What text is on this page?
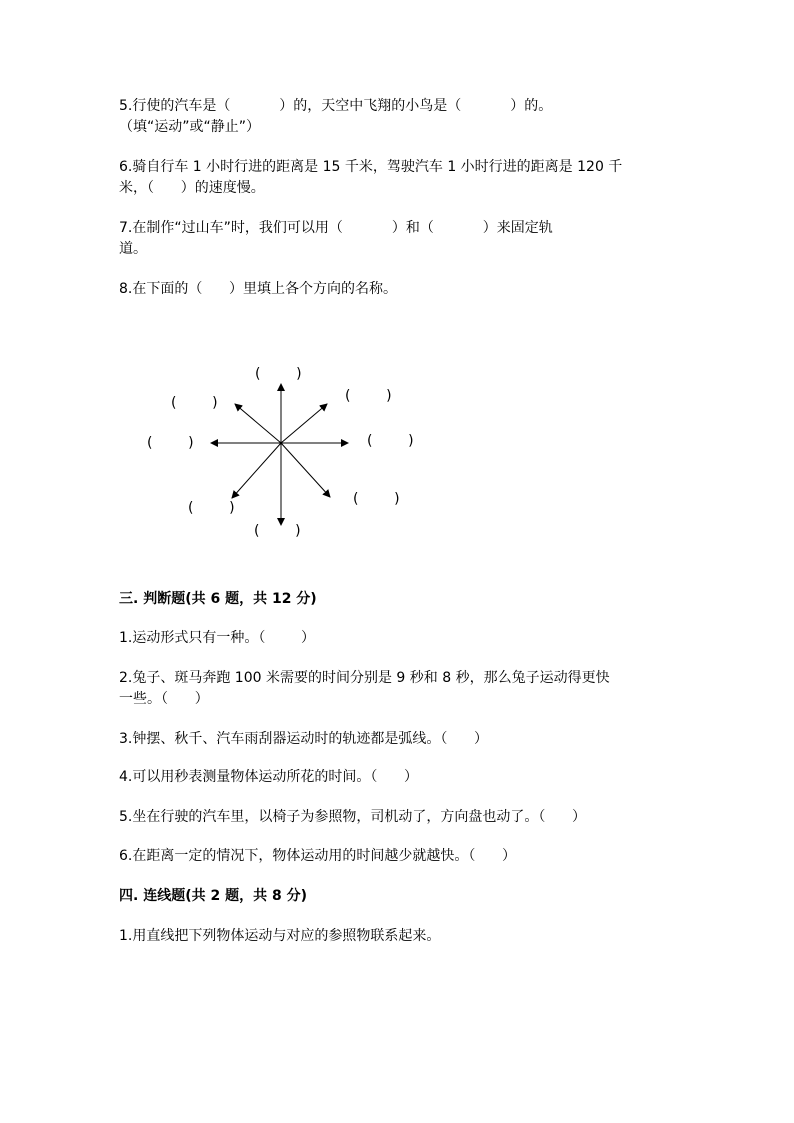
5.行使的汽车是（           ）的，天空中飞翔的小鸟是（           ）的。
（填“运动”或“静止”）
6.骑自行车 1 小时行进的距离是 15 千米，驾驶汽车 1 小时行进的距离是 120 千
米，（      ）的速度慢。
7.在制作“过山车”时，我们可以用（           ）和（           ）来固定轨
道。
8.在下面的（      ）里填上各个方向的名称。
(        )
(        )	(        )
(        )	(        )
(        )
(        )
(        )
三. 判断题(共 6 题，共 12 分)
1.运动形式只有一种。（        ）
2.兔子、斑马奔跑 100 米需要的时间分别是 9 秒和 8 秒，那么兔子运动得更快
一些。（      ）
3.钟摆、秋千、汽车雨刮器运动时的轨迹都是弧线。（      ）
4.可以用秒表测量物体运动所花的时间。（      ）
5.坐在行驶的汽车里，以椅子为参照物，司机动了，方向盘也动了。（      ）
6.在距离一定的情况下，物体运动用的时间越少就越快。（      ）
四. 连线题(共 2 题，共 8 分)
1.用直线把下列物体运动与对应的参照物联系起来。
